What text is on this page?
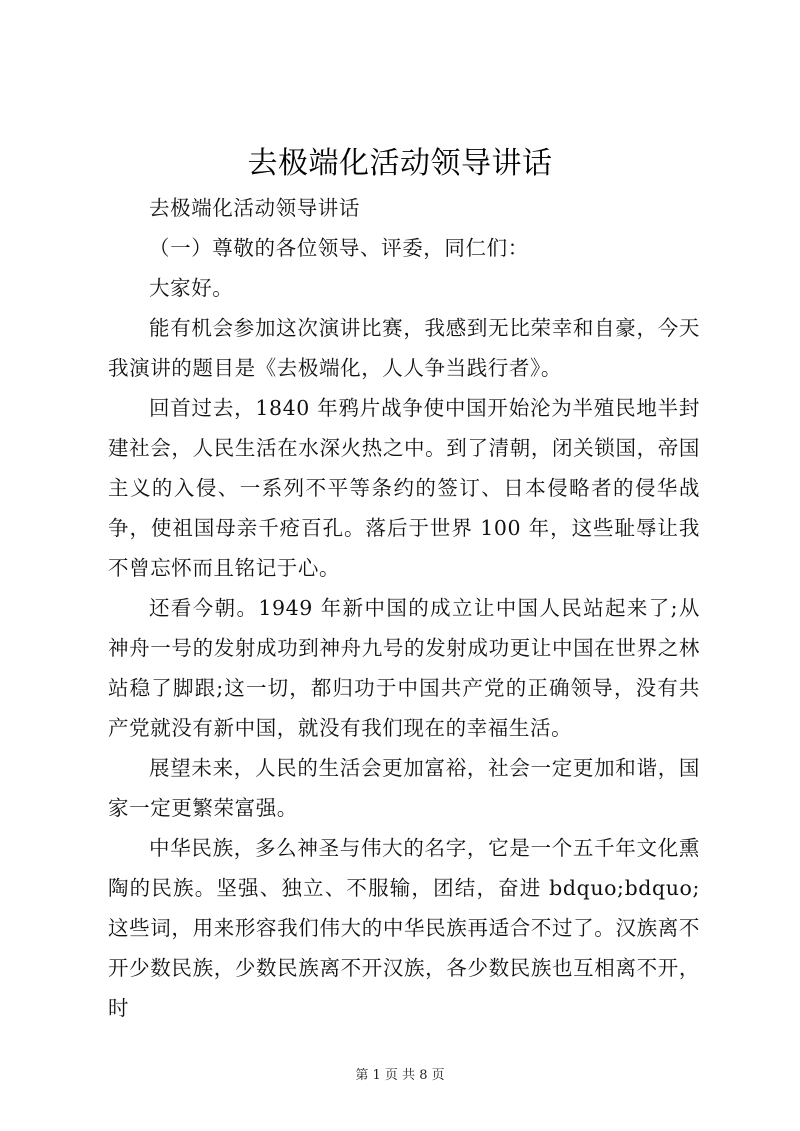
去极端化活动领导讲话

去极端化活动领导讲话

（一）尊敬的各位领导、评委，同仁们：

大家好。

能有机会参加这次演讲比赛，我感到无比荣幸和自豪，今天我演讲的题目是《去极端化，人人争当践行者》。

回首过去，1840 年鸦片战争使中国开始沦为半殖民地半封建社会，人民生活在水深火热之中。到了清朝，闭关锁国，帝国主义的入侵、一系列不平等条约的签订、日本侵略者的侵华战争，使祖国母亲千疮百孔。落后于世界 100 年，这些耻辱让我不曾忘怀而且铭记于心。

还看今朝。1949 年新中国的成立让中国人民站起来了;从神舟一号的发射成功到神舟九号的发射成功更让中国在世界之林站稳了脚跟;这一切，都归功于中国共产党的正确领导，没有共产党就没有新中国，就没有我们现在的幸福生活。

展望未来，人民的生活会更加富裕，社会一定更加和谐，国家一定更繁荣富强。

中华民族，多么神圣与伟大的名字，它是一个五千年文化熏陶的民族。坚强、独立、不服输，团结，奋进 bdquo;bdquo;这些词，用来形容我们伟大的中华民族再适合不过了。汉族离不开少数民族，少数民族离不开汉族，各少数民族也互相离不开，时

第 1 页 共 8 页
